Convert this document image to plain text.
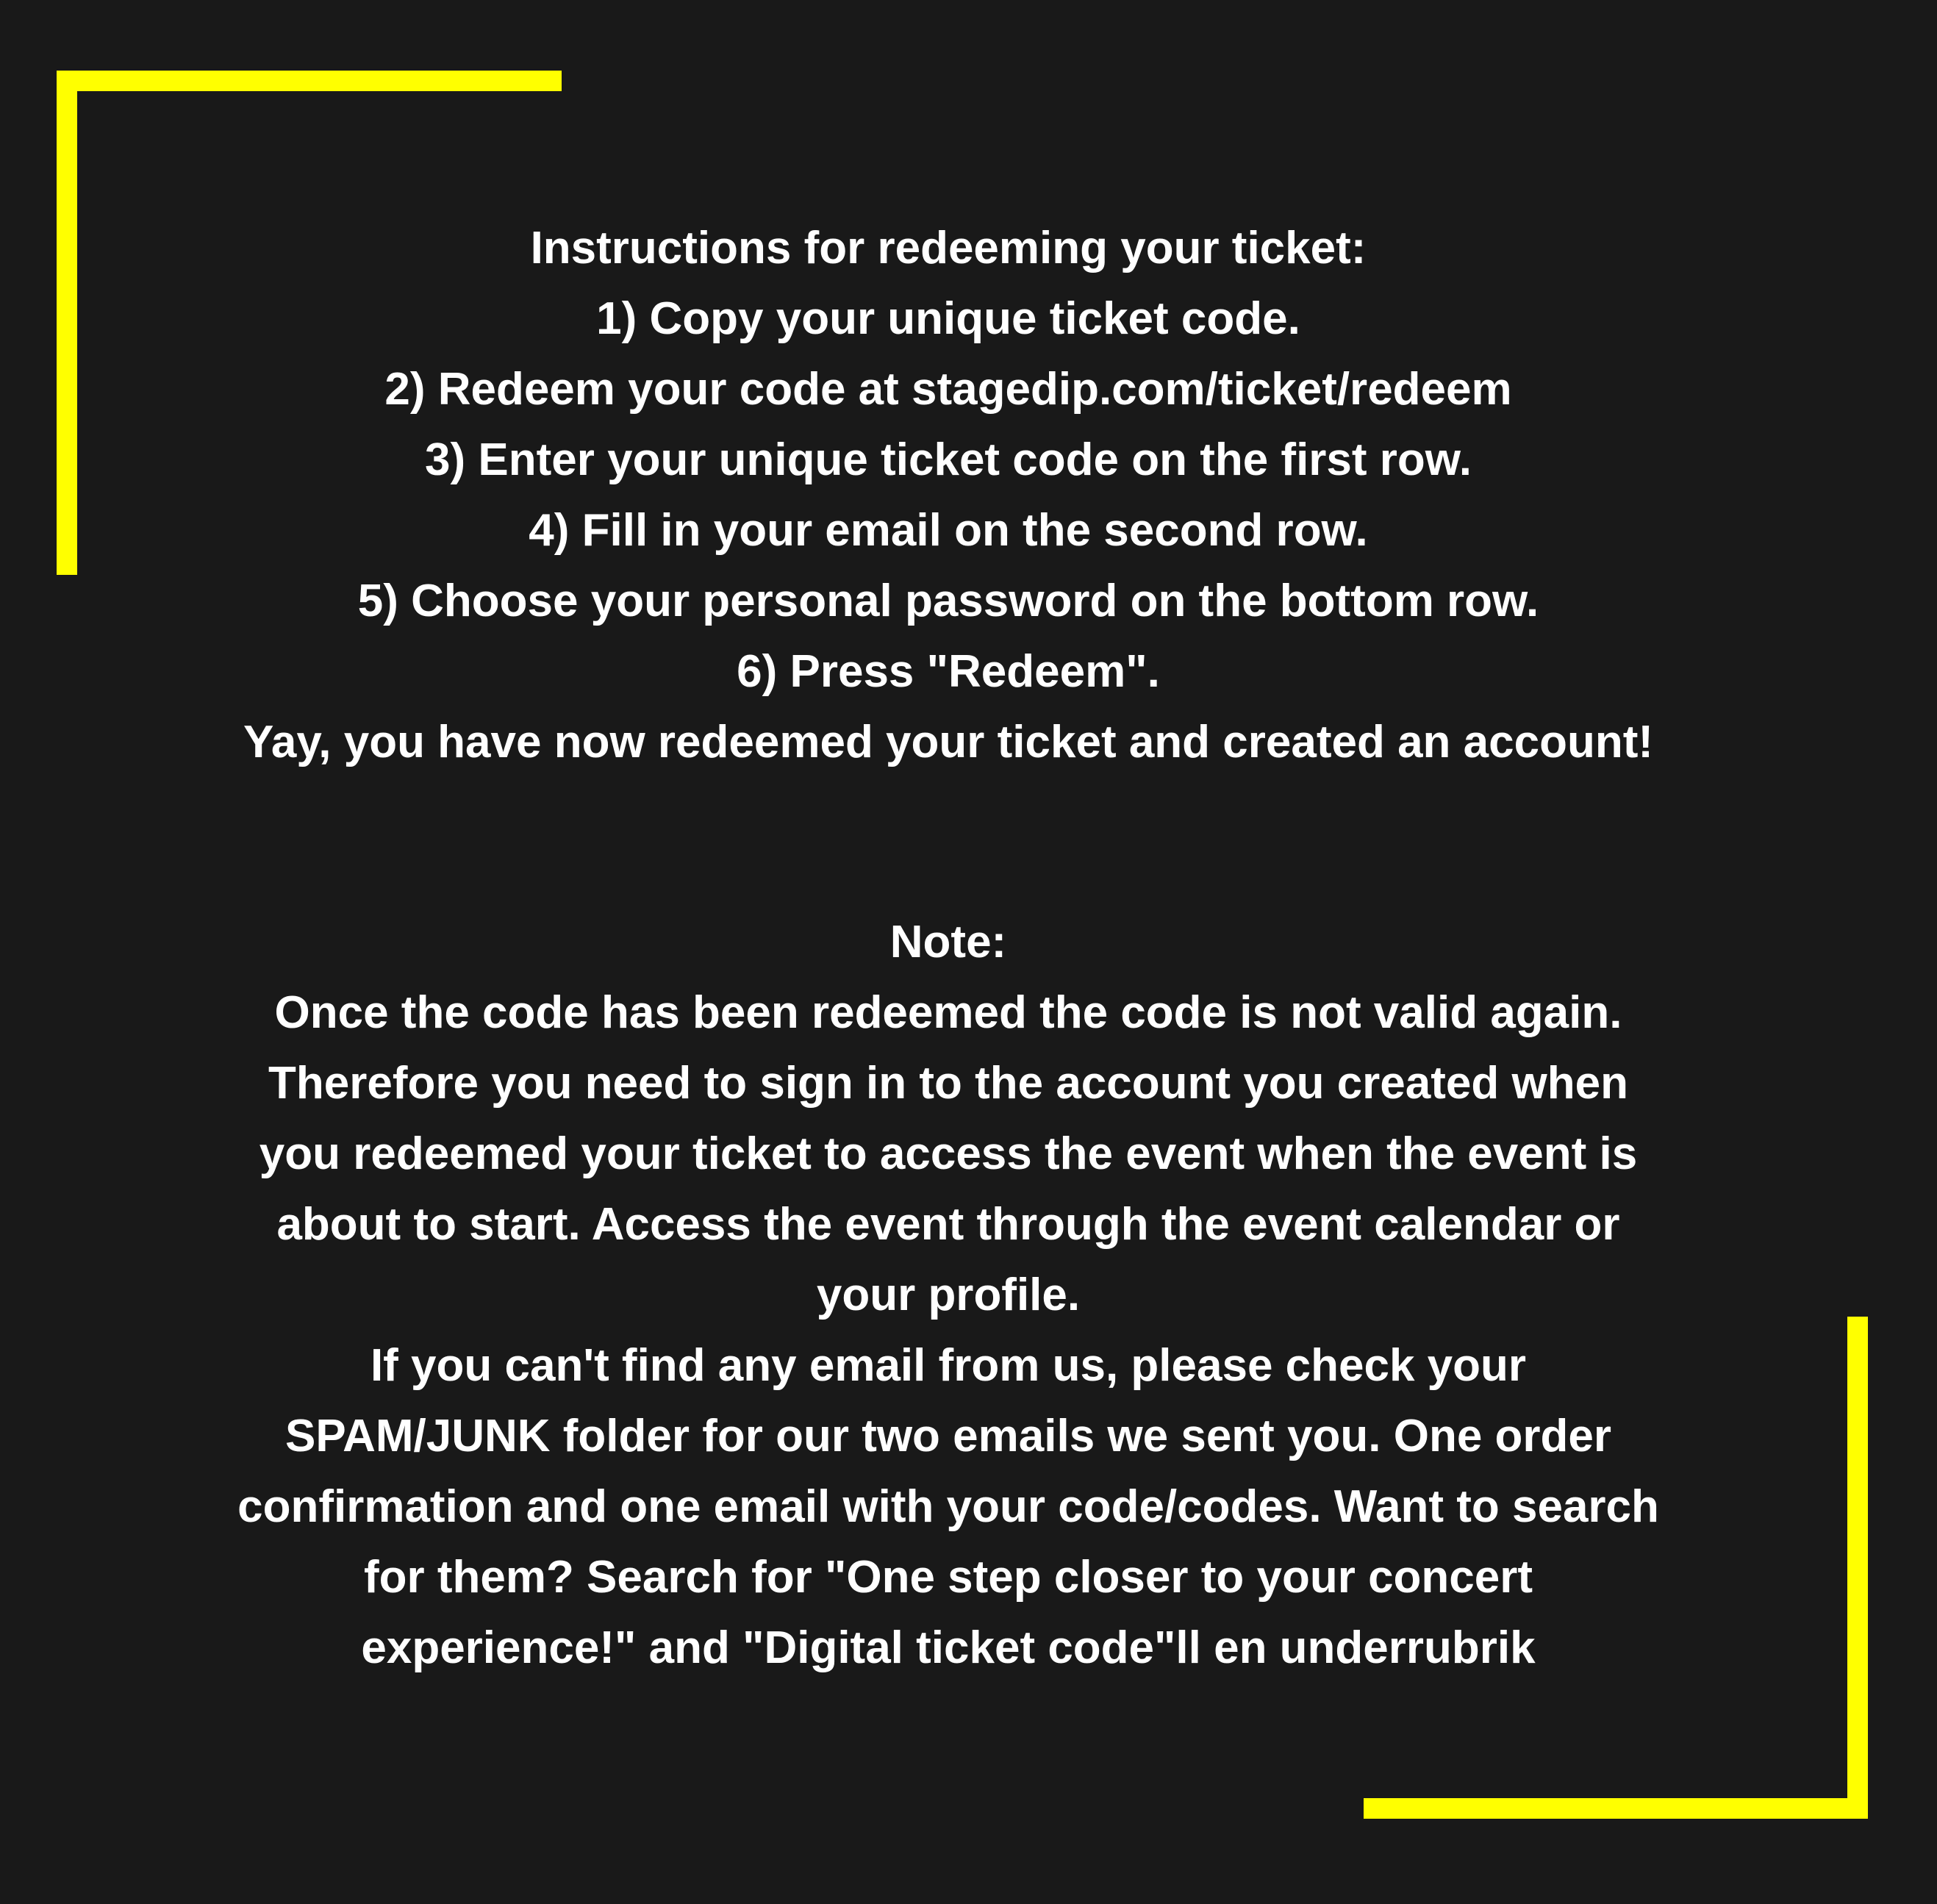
Instructions for redeeming your ticket:
1) Copy your unique ticket code.
2) Redeem your code at stagedip.com/ticket/redeem
3) Enter your unique ticket code on the first row.
4) Fill in your email on the second row.
5) Choose your personal password on the bottom row.
6) Press "Redeem".
Yay, you have now redeemed your ticket and created an account!
Note:
Once the code has been redeemed the code is not valid again.
Therefore you need to sign in to the account you created when
you redeemed your ticket to access the event when the event is
about to start. Access the event through the event calendar or
your profile.
If you can't find any email from us, please check your
SPAM/JUNK folder for our two emails we sent you. One order
confirmation and one email with your code/codes. Want to search
for them? Search for "One step closer to your concert
experience!" and "Digital ticket code"ll en underrubrik
